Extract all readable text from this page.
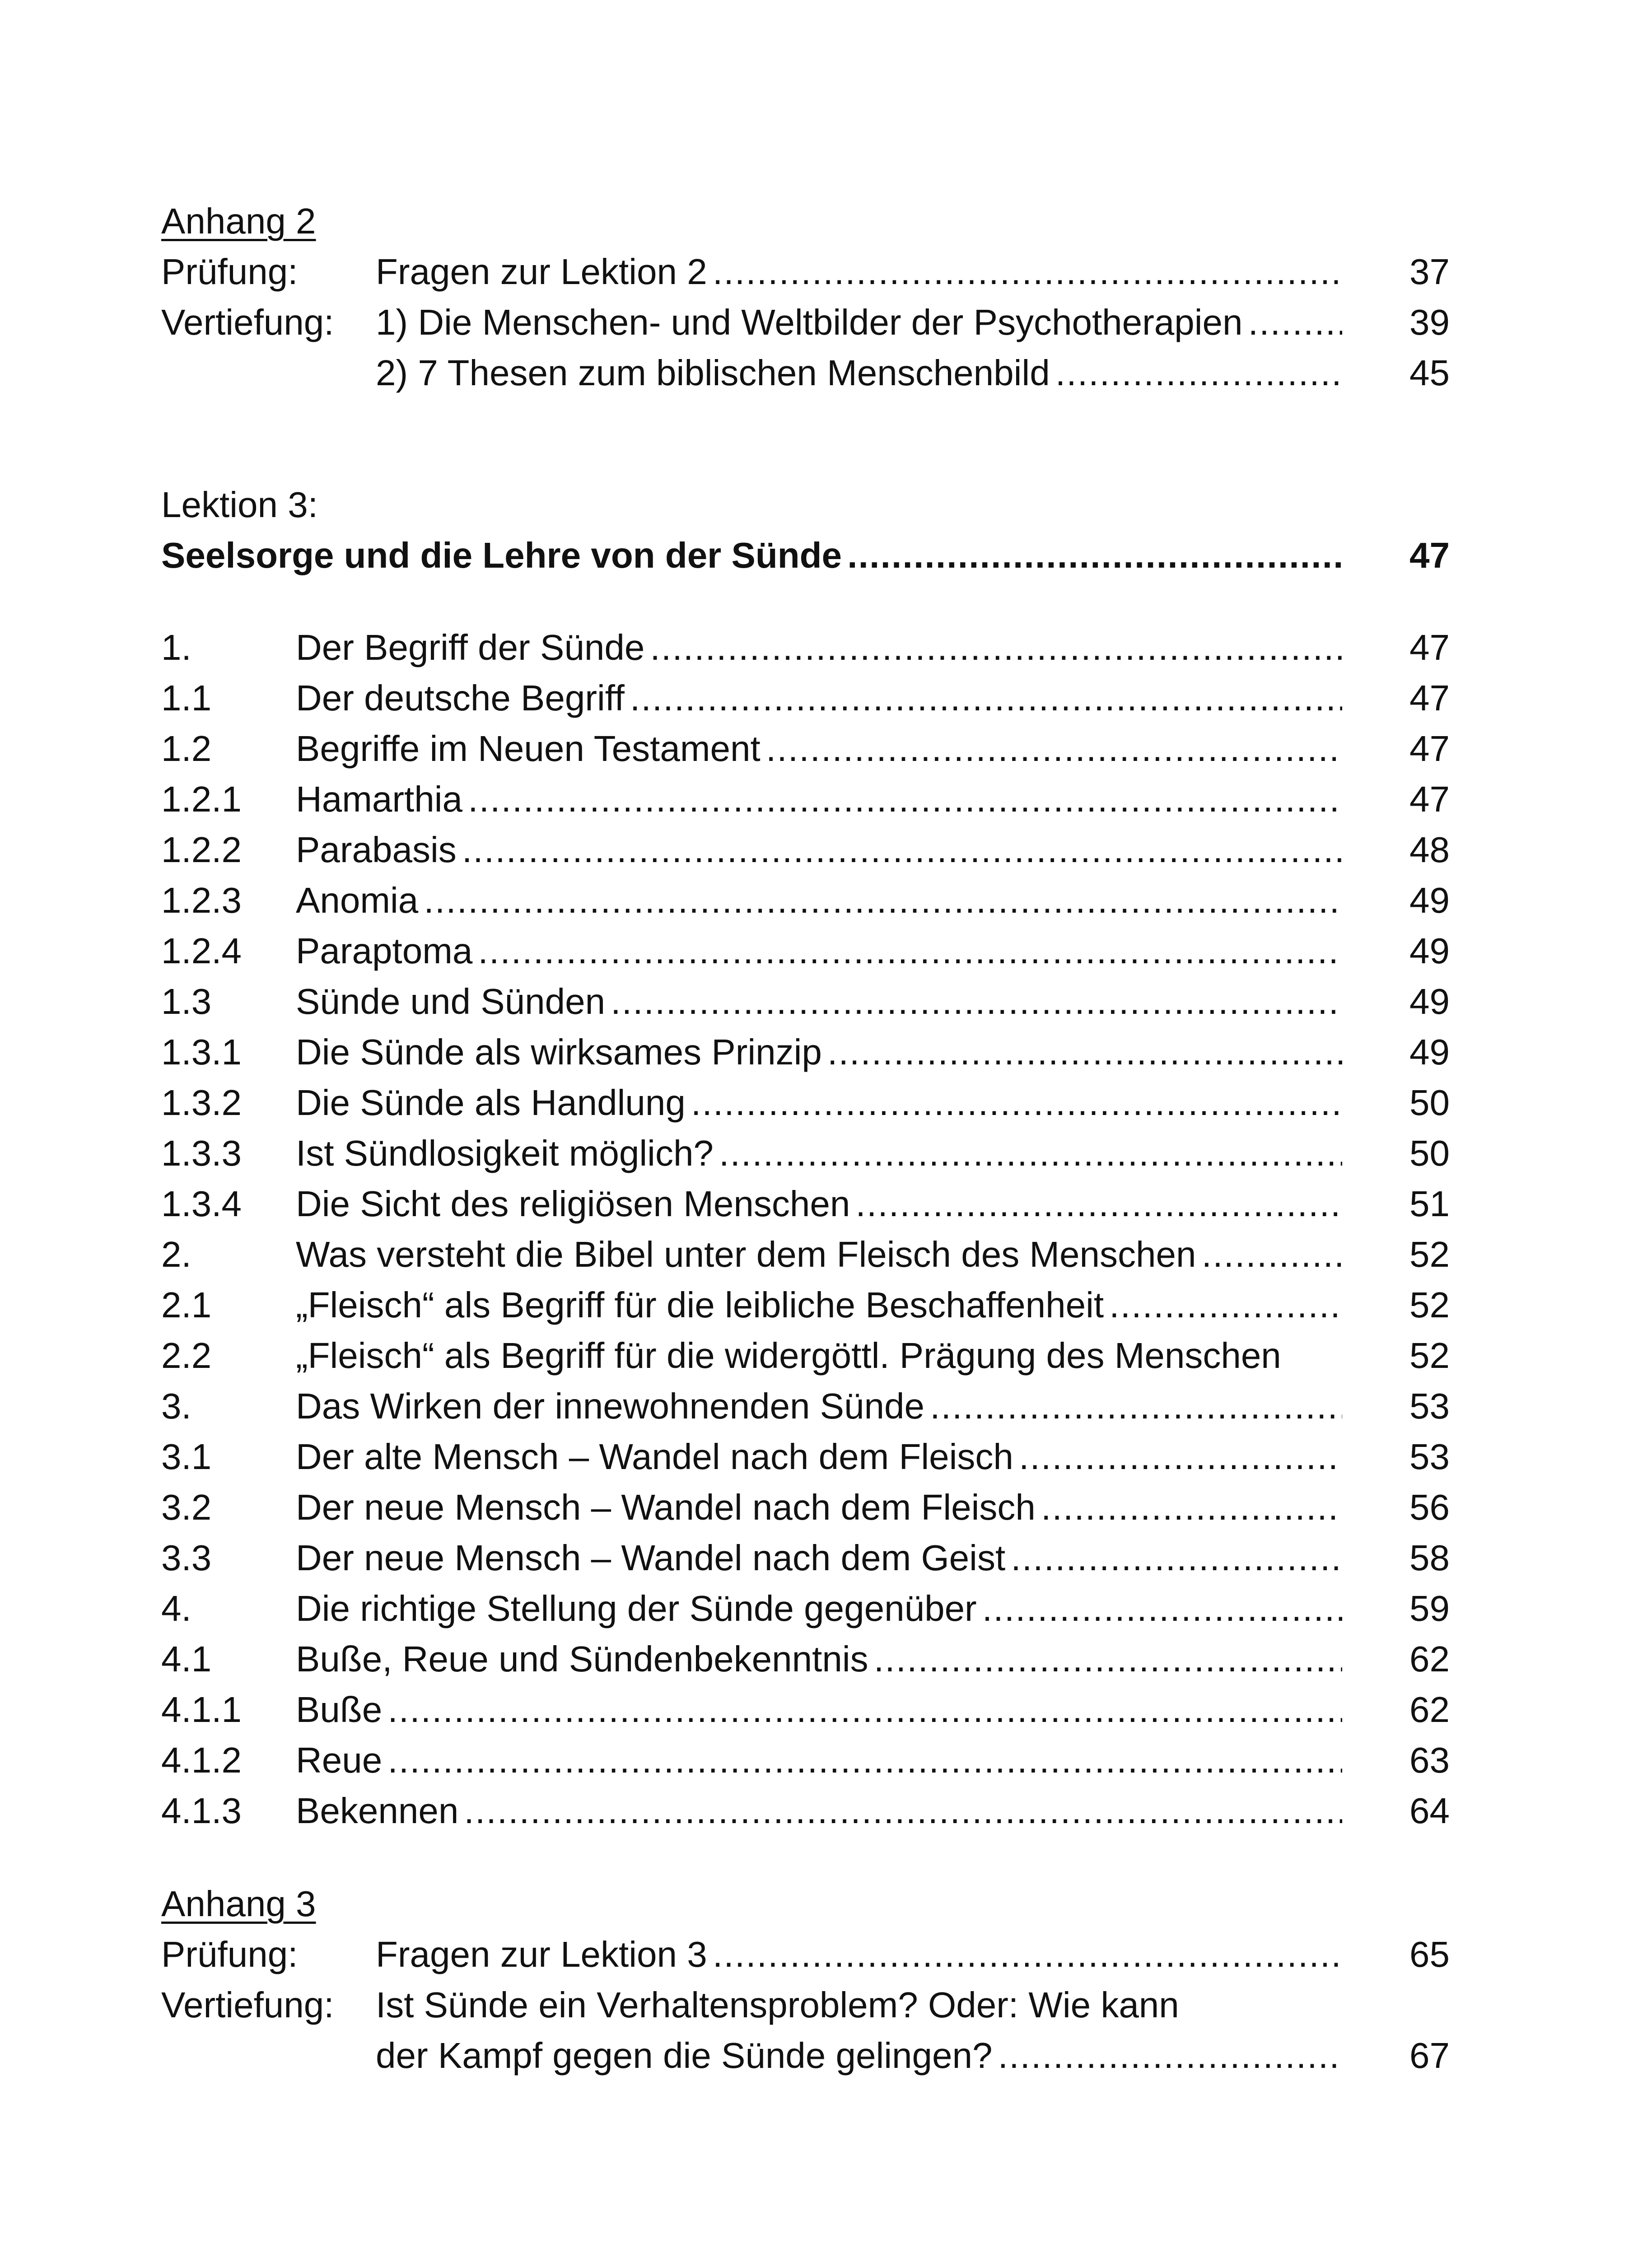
Anhang 2
Prüfung: Fragen zur Lektion 2 . . .	37
Vertiefung: 1) Die Menschen- und Weltbilder der Psychotherapien . . .	39
2) 7 Thesen zum biblischen Menschenbild . . .	45
Lektion 3:
Seelsorge und die Lehre von der Sünde . . .	47
1.	Der Begriff der Sünde . . .	47
1.1 Der deutsche Begriff . . .	47
1.2 Begriffe im Neuen Testament . . .	47
1.2.1 Hamarthia . . .	47
1.2.2 Parabasis . . .	48
1.2.3 Anomia . . .	49
1.2.4 Paraptoma . . .	49
1.3 Sünde und Sünden . . .	49
1.3.1 Die Sünde als wirksames Prinzip . . .	49
1.3.2 Die Sünde als Handlung . . .	50
1.3.3 Ist Sündlosigkeit möglich? . . .	50
1.3.4 Die Sicht des religiösen Menschen . . .	51
2.	Was versteht die Bibel unter dem Fleisch des Menschen . . .	52
2.1 „Fleisch“ als Begriff für die leibliche Beschaffenheit . . .	52
2.2 „Fleisch“ als Begriff für die widergöttl. Prägung des Menschen	52
3.	Das Wirken der innewohnenden Sünde . . .	53
3.1 Der alte Mensch – Wandel nach dem Fleisch . . .	53
3.2 Der neue Mensch – Wandel nach dem Fleisch . . .	56
3.3 Der neue Mensch – Wandel nach dem Geist . . .	58
4.	Die richtige Stellung der Sünde gegenüber . . .	59
4.1 Buße, Reue und Sündenbekenntnis . . .	62
4.1.1 Buße . . .	62
4.1.2 Reue . . .	63
4.1.3 Bekennen . . .	64
Anhang 3
Prüfung: Fragen zur Lektion 3 . . .	65
Vertiefung: Ist Sünde ein Verhaltensproblem? Oder: Wie kann
der Kampf gegen die Sünde gelingen? . . .	67
